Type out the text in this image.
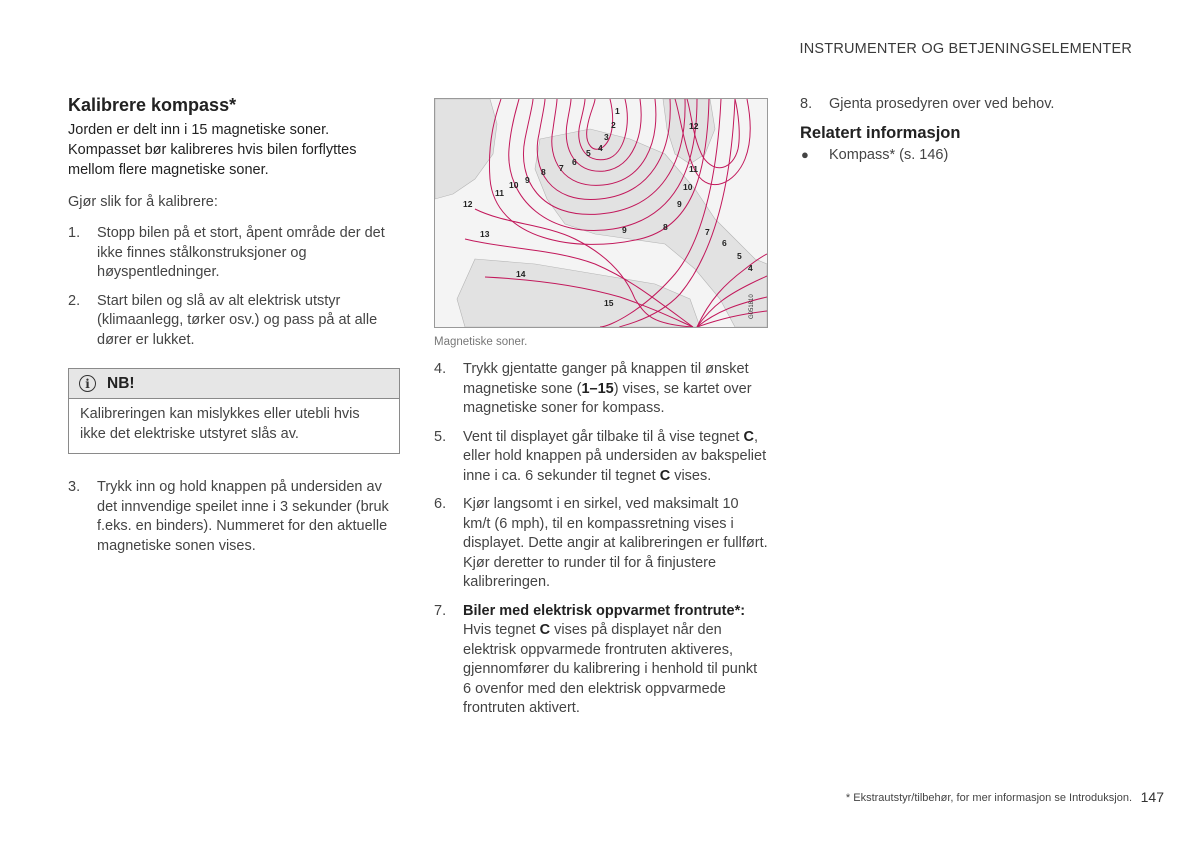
INSTRUMENTER OG BETJENINGSELEMENTER
Kalibrere kompass*

Jorden er delt inn i 15 magnetiske soner. Kompasset bør kalibreres hvis bilen forflyttes mellom flere magnetiske soner.

Gjør slik for å kalibrere:

1. Stopp bilen på et stort, åpent område der det ikke finnes stålkonstruksjoner og høyspentledninger.
2. Start bilen og slå av alt elektrisk utstyr (klimaanlegg, tørker osv.) og pass på at alle dører er lukket.
i	NB!
Kalibreringen kan mislykkes eller utebli hvis ikke det elektriske utstyret slås av.
3. Trykk inn og hold knappen på undersiden av det innvendige speilet inne i 3 sekunder (bruk f.eks. en binders). Nummeret for den aktuelle magnetiske sonen vises.
1
2
3
4
5
6
7
8
9
10
11
12
11
10
9
12
13
14
15
9	8	7
6
5
4
G051810
Magnetiske soner.
4. Trykk gjentatte ganger på knappen til ønsket magnetiske sone (1–15) vises, se kartet over magnetiske soner for kompass.
5. Vent til displayet går tilbake til å vise tegnet C, eller hold knappen på undersiden av bakspeliet inne i ca. 6 sekunder til tegnet C vises.
6. Kjør langsomt i en sirkel, ved maksimalt 10 km/t (6 mph), til en kompassretning vises i displayet. Dette angir at kalibreringen er fullført. Kjør deretter to runder til for å finjustere kalibreringen.
7. Biler med elektrisk oppvarmet frontrute*:
Hvis tegnet C vises på displayet når den elektrisk oppvarmede frontruten aktiveres, gjennomfører du kalibrering i henhold til punkt 6 ovenfor med den elektrisk oppvarmede frontruten aktivert.
8. Gjenta prosedyren over ved behov.
Relatert informasjon
● Kompass* (s. 146)
* Ekstrautstyr/tilbehør, for mer informasjon se Introduksjon. 147
